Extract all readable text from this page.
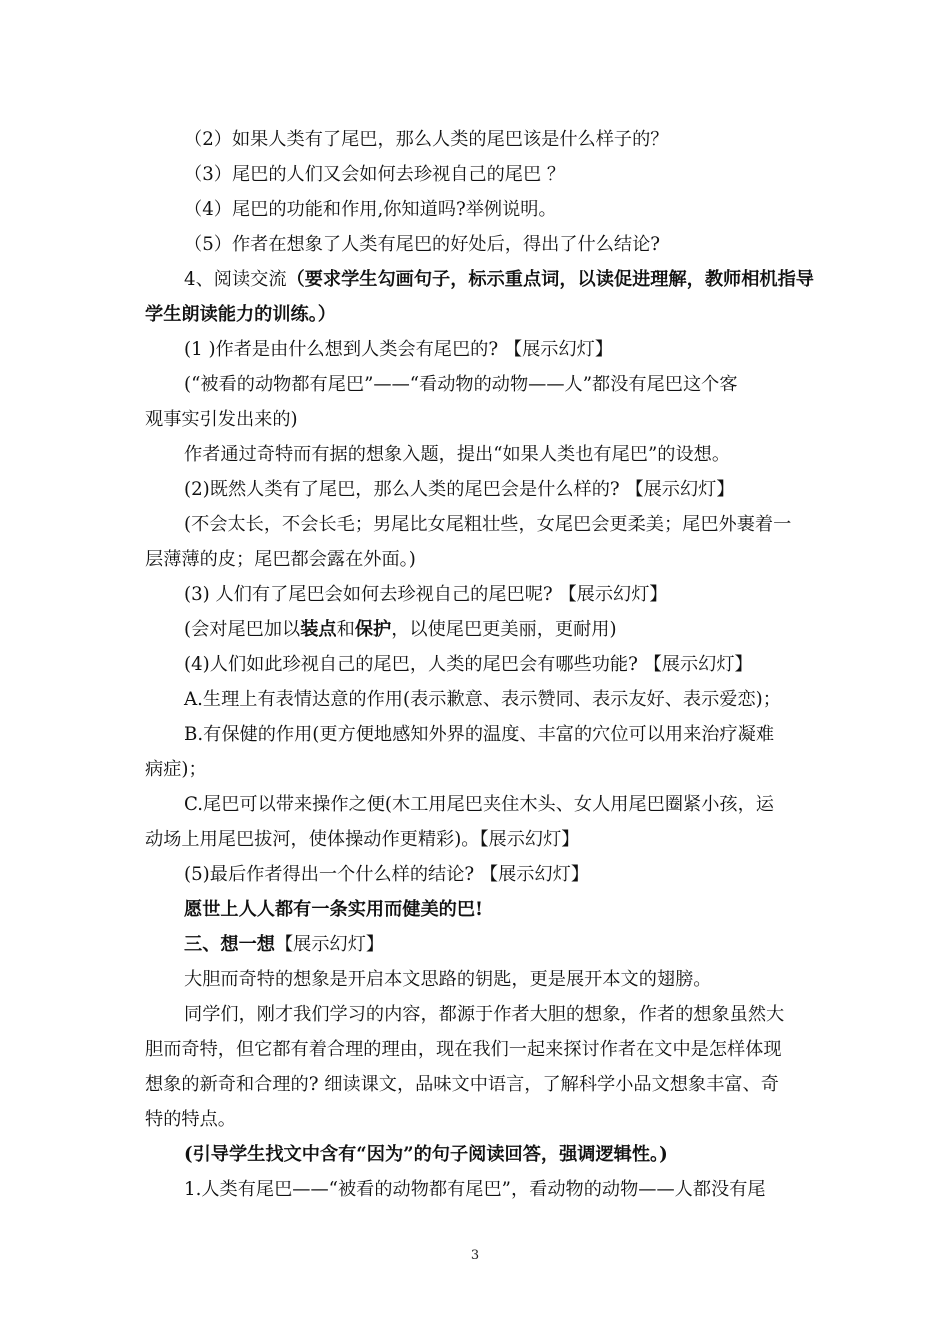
（2）如果人类有了尾巴，那么人类的尾巴该是什么样子的？
（3）尾巴的人们又会如何去珍视自己的尾巴 ？
（4）尾巴的功能和作用,你知道吗?举例说明。
（5）作者在想象了人类有尾巴的好处后，得出了什么结论?
4、阅读交流（要求学生勾画句子，标示重点词，以读促进理解，教师相机指导
学生朗读能力的训练。）
(1 )作者是由什么想到人类会有尾巴的? 【展示幻灯】
(“被看的动物都有尾巴”——“看动物的动物——人”都没有尾巴这个客
观事实引发出来的)
作者通过奇特而有据的想象入题，提出“如果人类也有尾巴”的设想。
(2)既然人类有了尾巴，那么人类的尾巴会是什么样的? 【展示幻灯】
(不会太长，不会长毛；男尾比女尾粗壮些，女尾巴会更柔美；尾巴外裹着一
层薄薄的皮；尾巴都会露在外面。)
(3) 人们有了尾巴会如何去珍视自己的尾巴呢? 【展示幻灯】
(会对尾巴加以装点和保护，以使尾巴更美丽，更耐用)
(4)人们如此珍视自己的尾巴，人类的尾巴会有哪些功能? 【展示幻灯】
A.生理上有表情达意的作用(表示歉意、表示赞同、表示友好、表示爱恋)；
B.有保健的作用(更方便地感知外界的温度、丰富的穴位可以用来治疗凝难
病症)；
C.尾巴可以带来操作之便(木工用尾巴夹住木头、女人用尾巴圈紧小孩，运
动场上用尾巴拔河，使体操动作更精彩)。【展示幻灯】
(5)最后作者得出一个什么样的结论? 【展示幻灯】
愿世上人人都有一条实用而健美的巴!
三、想一想【展示幻灯】
大胆而奇特的想象是开启本文思路的钥匙，更是展开本文的翅膀。
同学们，刚才我们学习的内容，都源于作者大胆的想象，作者的想象虽然大
胆而奇特，但它都有着合理的理由，现在我们一起来探讨作者在文中是怎样体现
想象的新奇和合理的? 细读课文，品味文中语言，了解科学小品文想象丰富、奇
特的特点。
(引导学生找文中含有“因为”的句子阅读回答，强调逻辑性。)
1.人类有尾巴——“被看的动物都有尾巴”，看动物的动物——人都没有尾
3
